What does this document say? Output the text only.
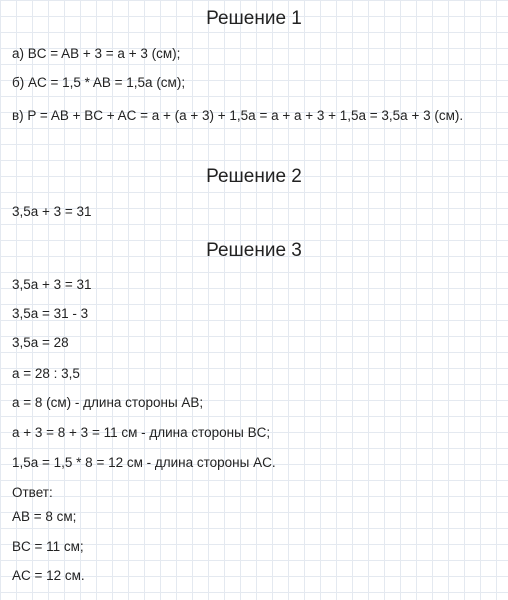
Решение 1
а) BC = AB + 3 = a + 3 (см);
б) AC = 1,5 * AB = 1,5a (см);
в) P = AB + BC + AC = a + (a + 3) + 1,5a = a + a + 3 + 1,5a = 3,5a + 3 (см).
Решение 2
3,5a + 3 = 31
Решение 3
3,5a + 3 = 31
3,5a = 31 - 3
3,5a = 28
a = 28 : 3,5
a = 8 (см) - длина стороны AB;
a + 3 = 8 + 3 = 11 см - длина стороны BC;
1,5a = 1,5 * 8 = 12 см - длина стороны AC.
Ответ:
AB = 8 см;
BC = 11 см;
AC = 12 см.
